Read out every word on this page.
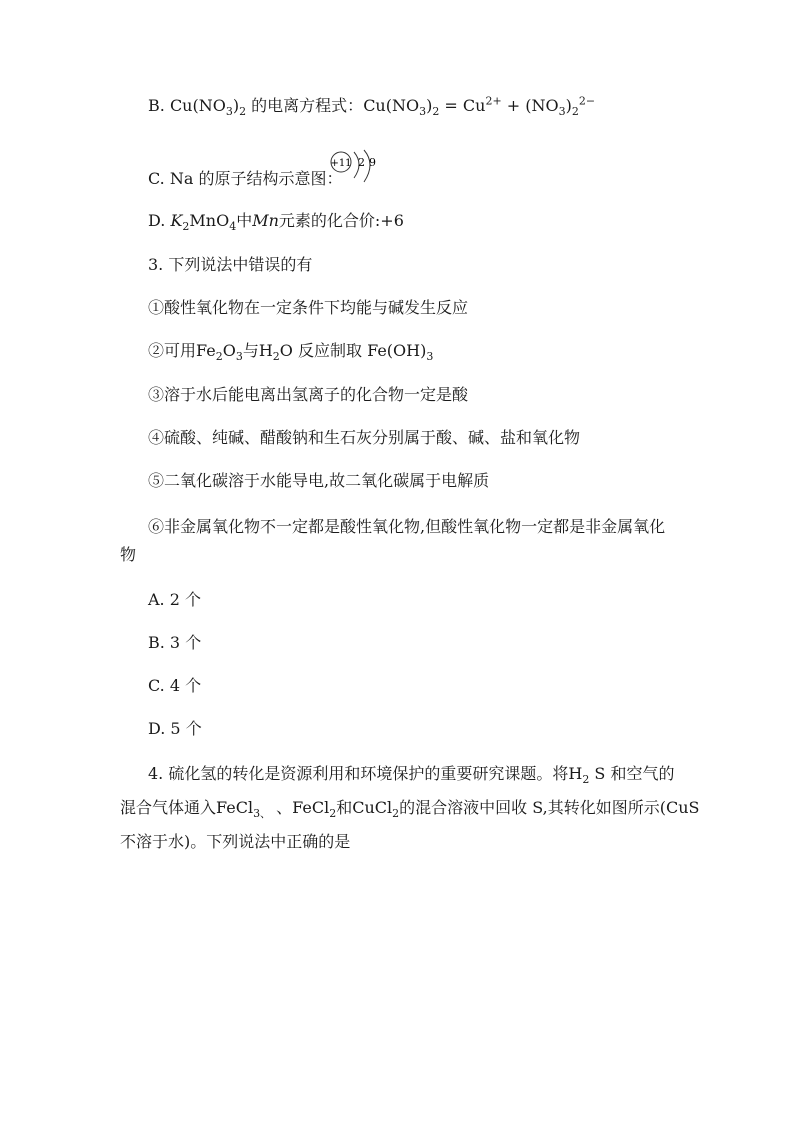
B. $Cu(NO_3)_2$ 的电离方程式：$Cu(NO_3)_2 = Cu^{2+} + (NO_3)_2^{2-}$
+11 2 9
C. Na 的原子结构示意图：
D. $K_2MnO_4$中Mn元素的化合价:+6
3. 下列说法中错误的有
①酸性氧化物在一定条件下均能与碱发生反应
②可用$Fe_2O_3$与$H_2O$ 反应制取 $Fe(OH)_3$
③溶于水后能电离出氢离子的化合物一定是酸
④硫酸、纯碱、醋酸钠和生石灰分别属于酸、碱、盐和氧化物
⑤二氧化碳溶于水能导电,故二氧化碳属于电解质
⑥非金属氧化物不一定都是酸性氧化物,但酸性氧化物一定都是非金属氧化
物
A. 2 个
B. 3 个
C. 4 个
D. 5 个
4. 硫化氢的转化是资源利用和环境保护的重要研究课题。将$H_2$ S 和空气的
混合气体通入FeCl$_{3、}$ 、FeCl$_2$和CuCl$_2$的混合溶液中回收 S,其转化如图所示(CuS
不溶于水)。下列说法中正确的是
